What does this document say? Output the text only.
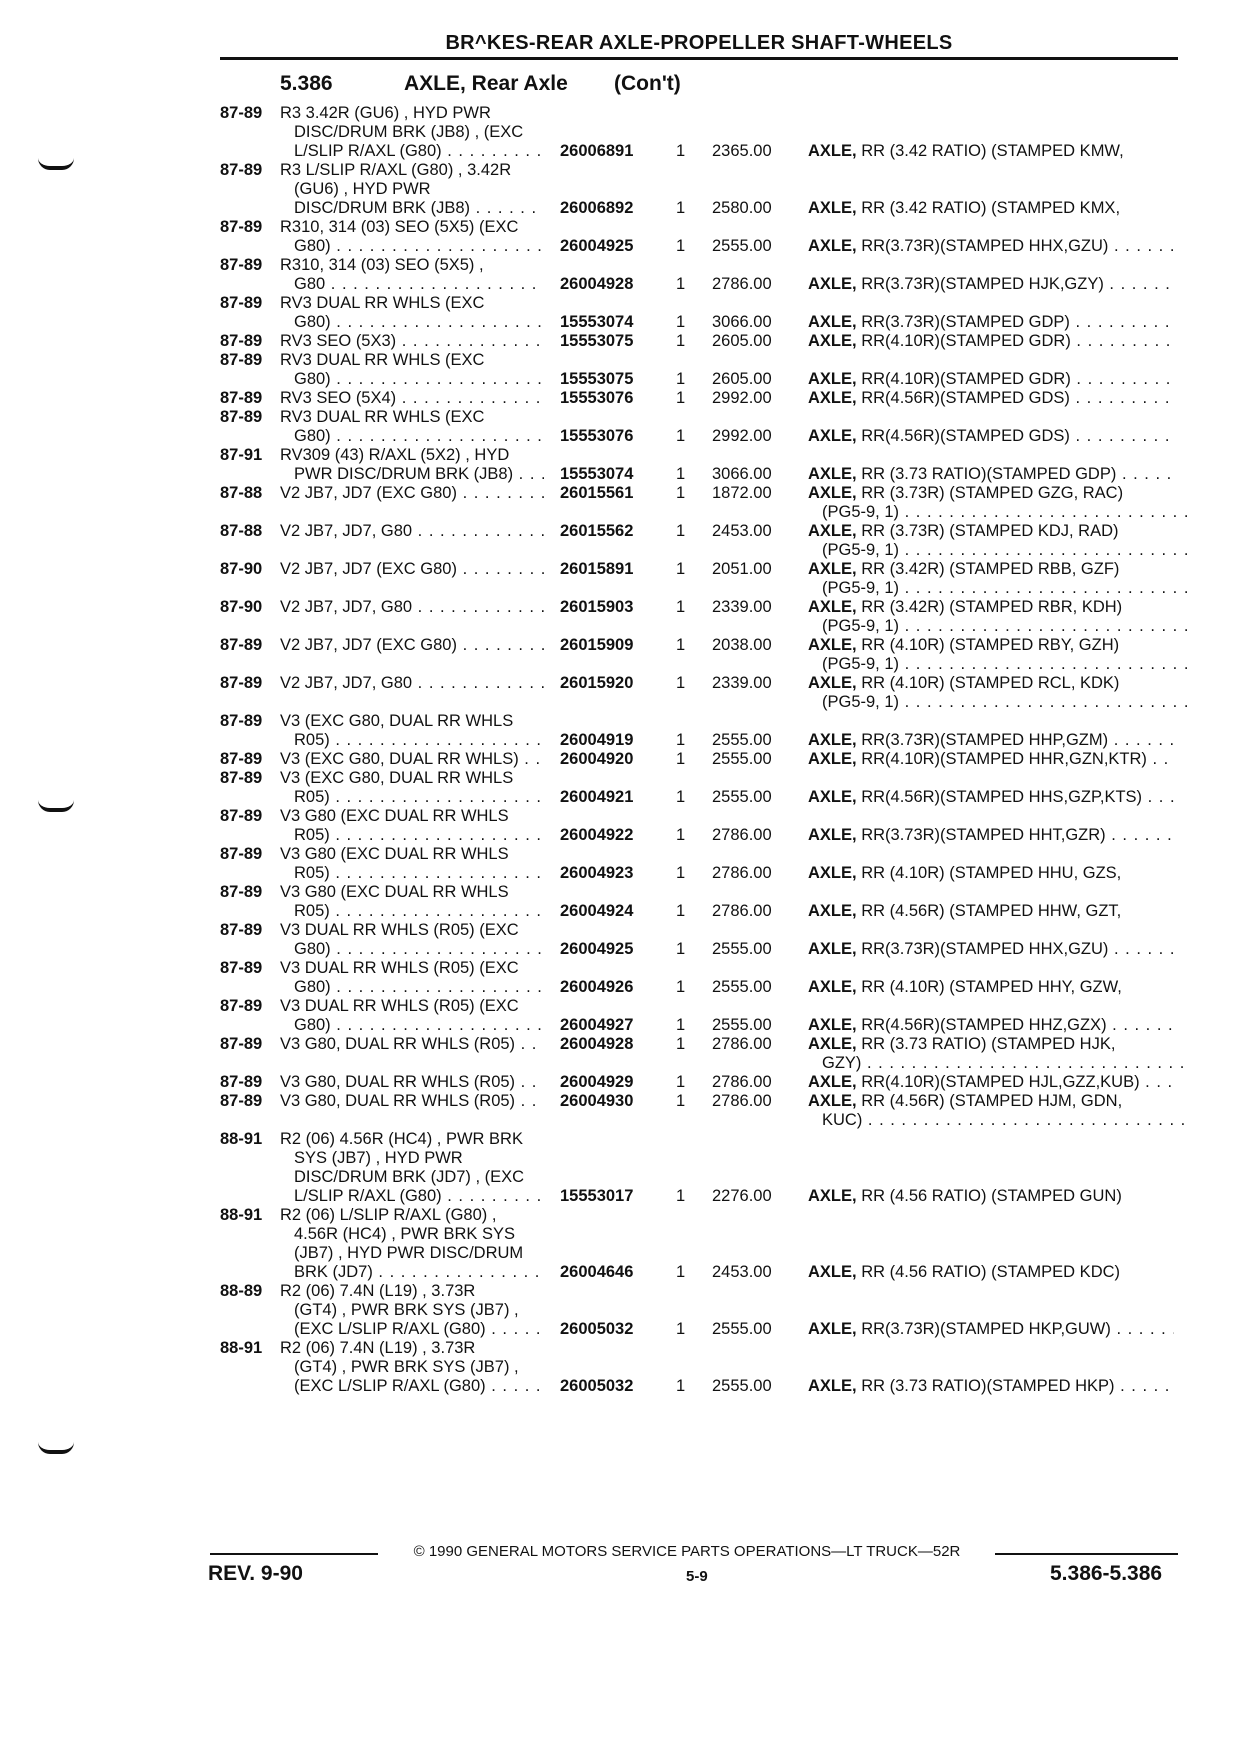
BR^KES-REAR AXLE-PROPELLER SHAFT-WHEELS
5.386	AXLE, Rear Axle (Con't)
87-89 R3 3.42R (GU6) , HYD PWR
DISC/DRUM BRK (JB8) , (EXC
L/SLIP R/AXL (G80) . . .	26006891	1 2365.00 AXLE, RR (3.42 RATIO) (STAMPED KMW,
87-89 R3 L/SLIP R/AXL (G80) , 3.42R
(GU6) , HYD PWR
DISC/DRUM BRK (JB8) . . .	26006892	1 2580.00 AXLE, RR (3.42 RATIO) (STAMPED KMX,
87-89 R310, 314 (03) SEO (5X5) (EXC
G80) . . .	26004925	1 2555.00 AXLE, RR(3.73R)(STAMPED HHX,GZU) . . .
87-89 R310, 314 (03) SEO (5X5) ,
G80 . . .	26004928	1 2786.00 AXLE, RR(3.73R)(STAMPED HJK,GZY) . . .
87-89 RV3 DUAL RR WHLS (EXC
G80) . . .	15553074	1 3066.00 AXLE, RR(3.73R)(STAMPED GDP) . . .
87-89 RV3 SEO (5X3) . . .	15553075	1 2605.00 AXLE, RR(4.10R)(STAMPED GDR) . . .
87-89 RV3 DUAL RR WHLS (EXC
G80) . . .	15553075	1 2605.00 AXLE, RR(4.10R)(STAMPED GDR) . . .
87-89 RV3 SEO (5X4) . . .	15553076	1 2992.00 AXLE, RR(4.56R)(STAMPED GDS) . . .
87-89 RV3 DUAL RR WHLS (EXC
G80) . . .	15553076	1 2992.00 AXLE, RR(4.56R)(STAMPED GDS) . . .
87-91 RV309 (43) R/AXL (5X2) , HYD
PWR DISC/DRUM BRK (JB8) . . .	15553074	1 3066.00 AXLE, RR (3.73 RATIO)(STAMPED GDP) . . .
87-88 V2 JB7, JD7 (EXC G80) . . .	26015561	1 1872.00 AXLE, RR (3.73R) (STAMPED GZG, RAC)
(PG5-9, 1) . . .
87-88 V2 JB7, JD7, G80 . . .	26015562	1 2453.00 AXLE, RR (3.73R) (STAMPED KDJ, RAD)
(PG5-9, 1) . . .
87-90 V2 JB7, JD7 (EXC G80) . . .	26015891	1 2051.00 AXLE, RR (3.42R) (STAMPED RBB, GZF)
(PG5-9, 1) . . .
87-90 V2 JB7, JD7, G80 . . .	26015903	1 2339.00 AXLE, RR (3.42R) (STAMPED RBR, KDH)
(PG5-9, 1) . . .
87-89 V2 JB7, JD7 (EXC G80) . . .	26015909	1 2038.00 AXLE, RR (4.10R) (STAMPED RBY, GZH)
(PG5-9, 1) . . .
87-89 V2 JB7, JD7, G80 . . .	26015920	1 2339.00 AXLE, RR (4.10R) (STAMPED RCL, KDK)
(PG5-9, 1) . . .
87-89 V3 (EXC G80, DUAL RR WHLS
R05) . . .	26004919	1 2555.00 AXLE, RR(3.73R)(STAMPED HHP,GZM) . . .
87-89 V3 (EXC G80, DUAL RR WHLS) . . .	26004920	1 2555.00 AXLE, RR(4.10R)(STAMPED HHR,GZN,KTR) . . .
87-89 V3 (EXC G80, DUAL RR WHLS
R05) . . .	26004921	1 2555.00 AXLE, RR(4.56R)(STAMPED HHS,GZP,KTS) . . .
87-89 V3 G80 (EXC DUAL RR WHLS
R05) . . .	26004922	1 2786.00 AXLE, RR(3.73R)(STAMPED HHT,GZR) . . .
87-89 V3 G80 (EXC DUAL RR WHLS
R05) . . .	26004923	1 2786.00 AXLE, RR (4.10R) (STAMPED HHU, GZS,
87-89 V3 G80 (EXC DUAL RR WHLS
R05) . . .	26004924	1 2786.00 AXLE, RR (4.56R) (STAMPED HHW, GZT,
87-89 V3 DUAL RR WHLS (R05) (EXC
G80) . . .	26004925	1 2555.00 AXLE, RR(3.73R)(STAMPED HHX,GZU) . . .
87-89 V3 DUAL RR WHLS (R05) (EXC
G80) . . .	26004926	1 2555.00 AXLE, RR (4.10R) (STAMPED HHY, GZW,
87-89 V3 DUAL RR WHLS (R05) (EXC
G80) . . .	26004927	1 2555.00 AXLE, RR(4.56R)(STAMPED HHZ,GZX) . . .
87-89 V3 G80, DUAL RR WHLS (R05) . . .	26004928	1 2786.00 AXLE, RR (3.73 RATIO) (STAMPED HJK,
GZY) . . .
87-89 V3 G80, DUAL RR WHLS (R05) . . .	26004929	1 2786.00 AXLE, RR(4.10R)(STAMPED HJL,GZZ,KUB) . . .
87-89 V3 G80, DUAL RR WHLS (R05) . . .	26004930	1 2786.00 AXLE, RR (4.56R) (STAMPED HJM, GDN,
KUC) . . .
88-91 R2 (06) 4.56R (HC4) , PWR BRK
SYS (JB7) , HYD PWR
DISC/DRUM BRK (JD7) , (EXC
L/SLIP R/AXL (G80) . . .	15553017	1 2276.00 AXLE, RR (4.56 RATIO) (STAMPED GUN)
88-91 R2 (06) L/SLIP R/AXL (G80) ,
4.56R (HC4) , PWR BRK SYS
(JB7) , HYD PWR DISC/DRUM
BRK (JD7) . . .	26004646	1 2453.00 AXLE, RR (4.56 RATIO) (STAMPED KDC)
88-89 R2 (06) 7.4N (L19) , 3.73R
(GT4) , PWR BRK SYS (JB7) ,
(EXC L/SLIP R/AXL (G80) . . .	26005032	1 2555.00 AXLE, RR(3.73R)(STAMPED HKP,GUW) . . .
88-91 R2 (06) 7.4N (L19) , 3.73R
(GT4) , PWR BRK SYS (JB7) ,
(EXC L/SLIP R/AXL (G80) . . .	26005032	1 2555.00 AXLE, RR (3.73 RATIO)(STAMPED HKP) . . .
© 1990 GENERAL MOTORS SERVICE PARTS OPERATIONS—LT TRUCK—52R
REV. 9-90	5-9	5.386-5.386
